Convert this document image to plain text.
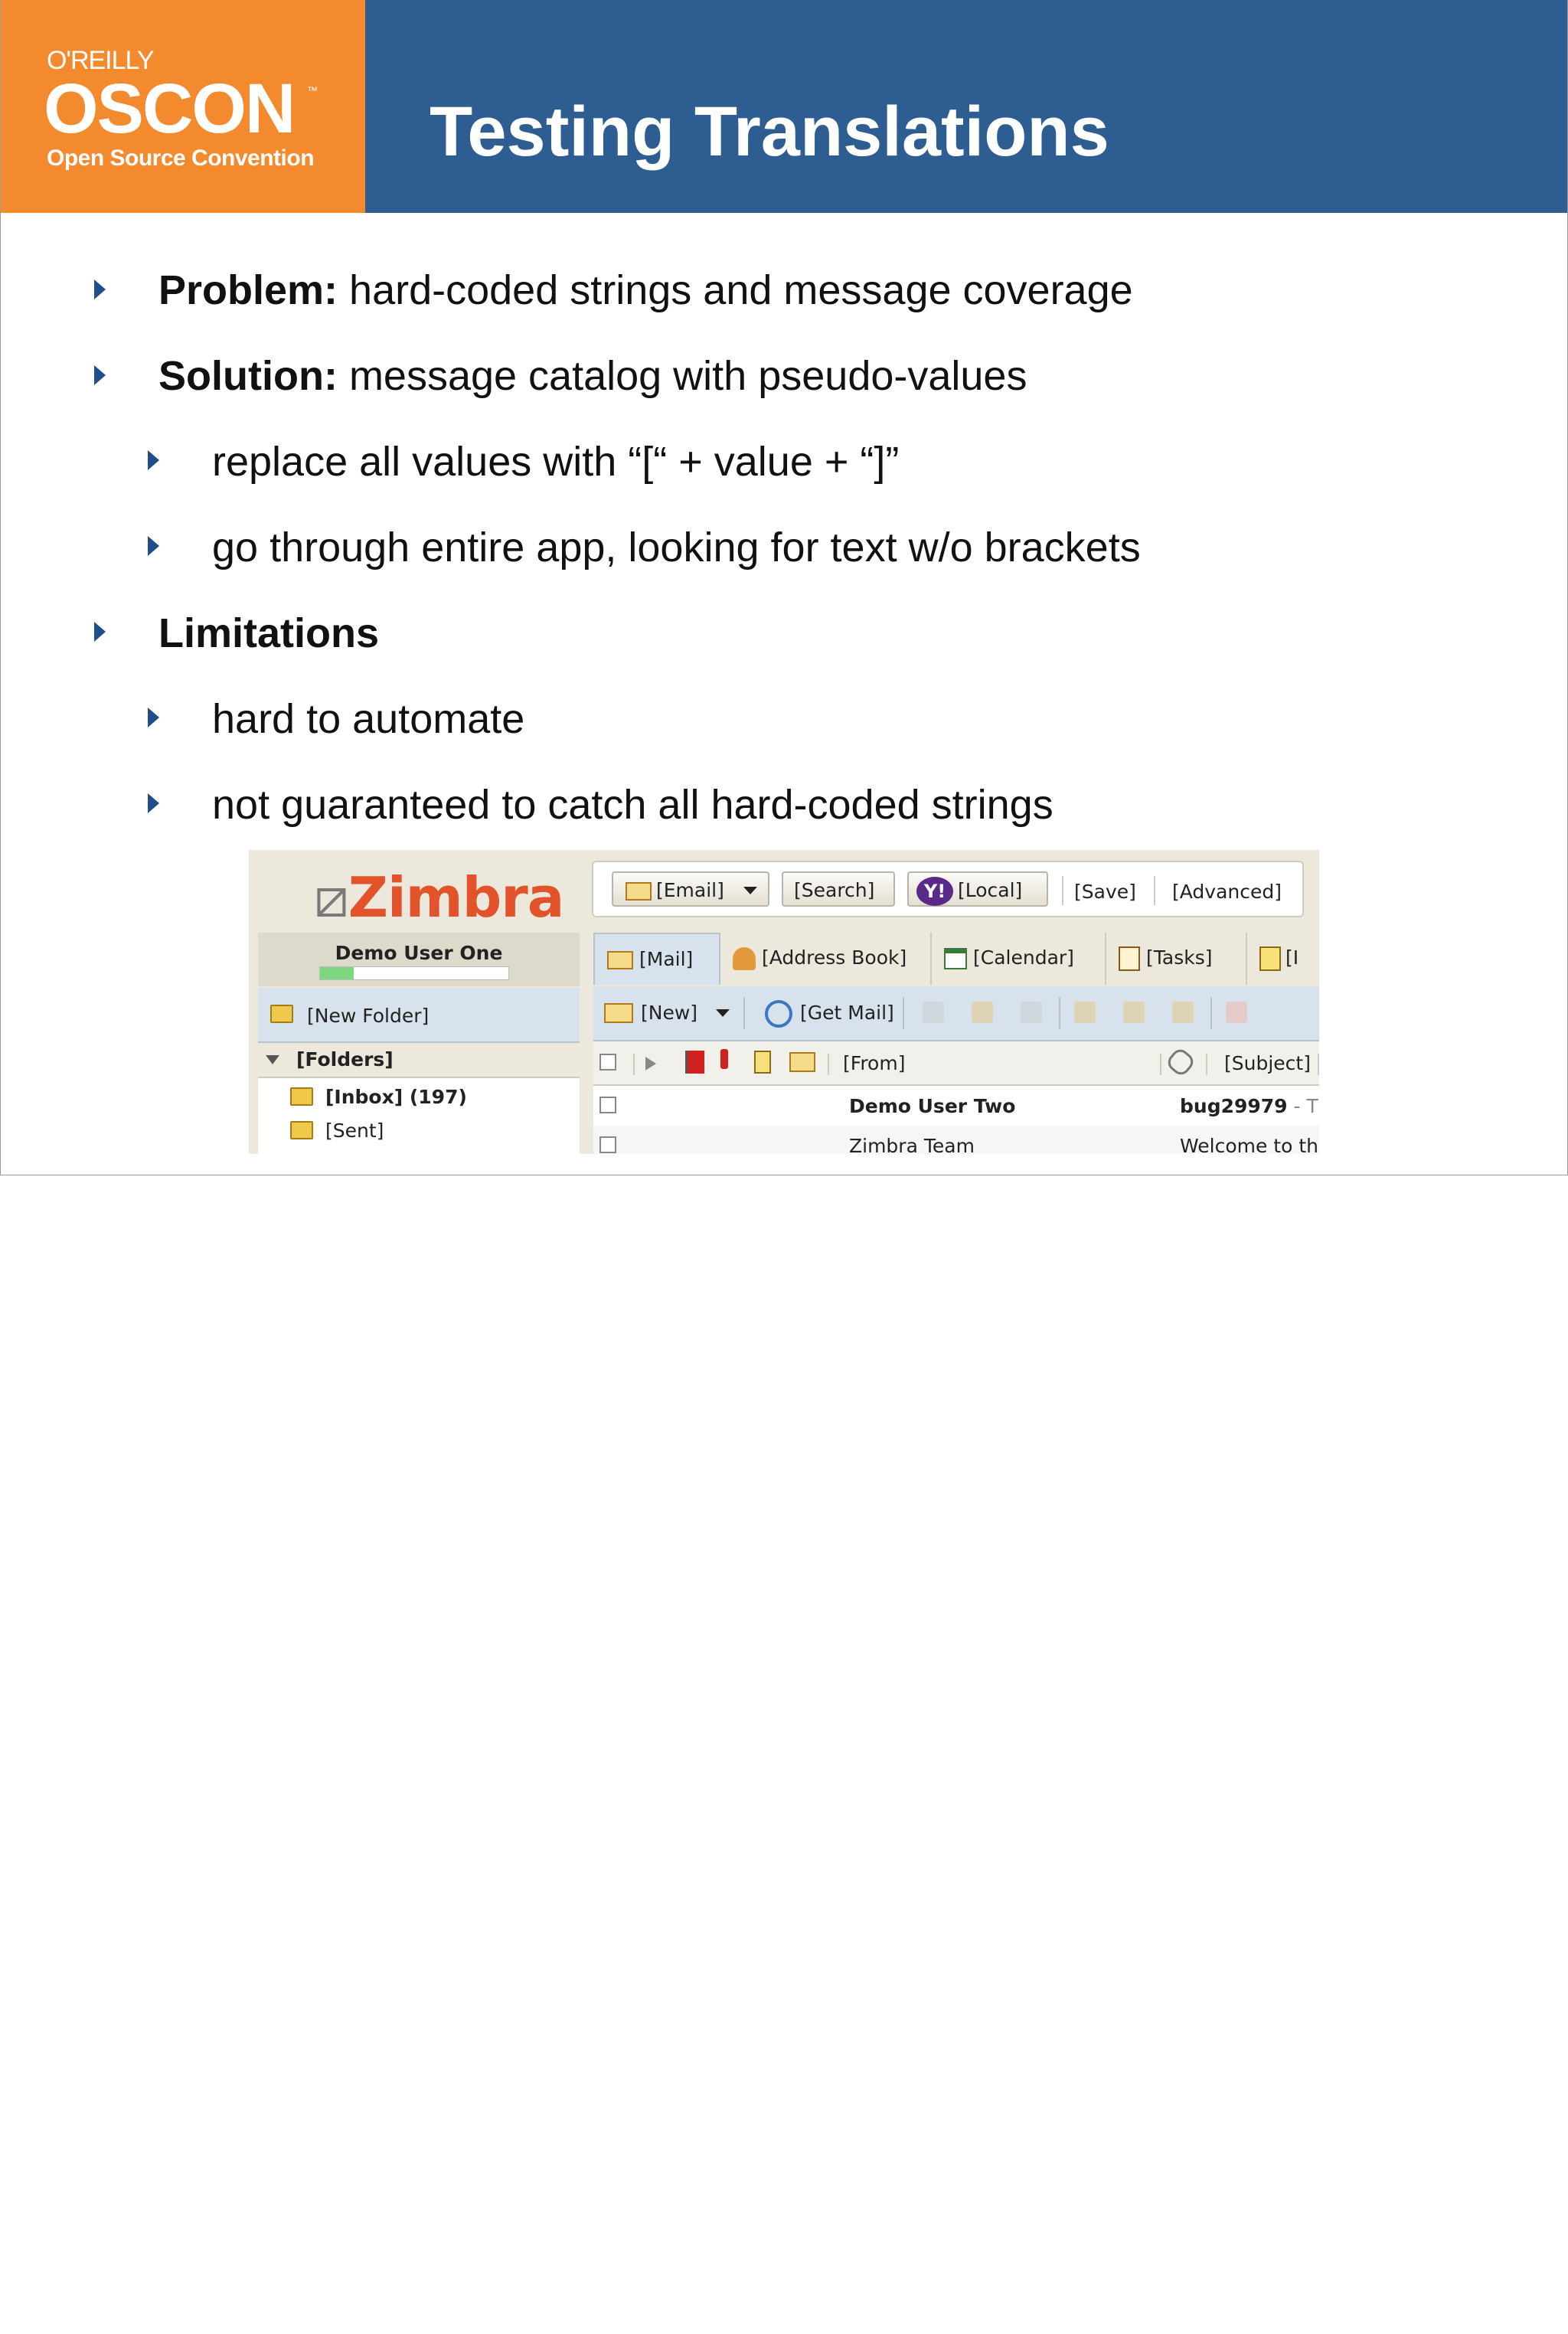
O'REILLY
OSCON ™
Open Source Convention Testing Translations
Problem: hard-coded strings and message coverage
Solution: message catalog with pseudo-values
replace all values with “[“ + value + “]”
go through entire app, looking for text w/o brackets
Limitations
hard to automate
not guaranteed to catch all hard-coded strings
⧄Zimbra	[Email]	[Search]	Y! [Local]	[Save] [Advanced]
Demo User One
[New Folder]
[Folders]
[Inbox] (197)
[Sent]
[Mail]	[Address Book]	[Calendar]	[Tasks]	[I
[New]	[Get Mail]
[From]	[Subject]
Demo User Two	bug29979 - T
Zimbra Team	Welcome to th
